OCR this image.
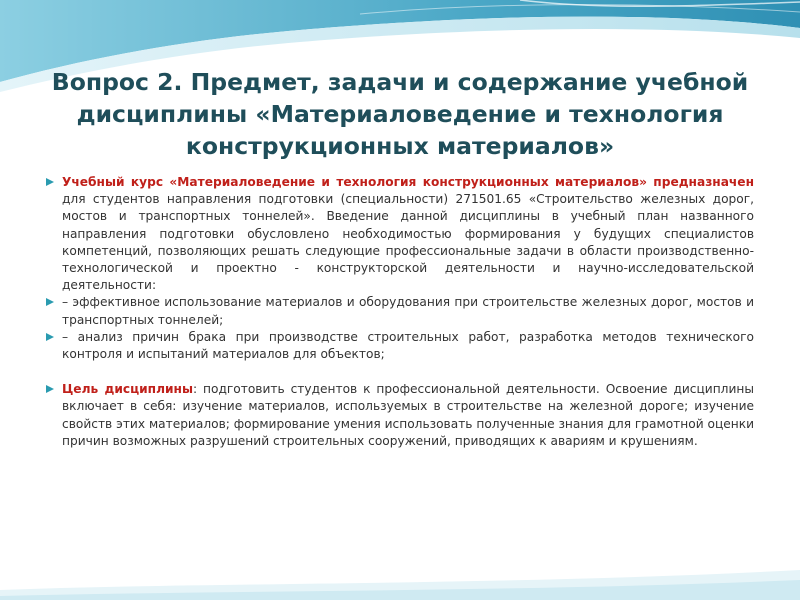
Вопрос 2. Предмет, задачи и содержание учебной дисциплины «Материаловедение и технология конструкционных материалов»
Учебный курс «Материаловедение и технология конструкционных материалов» предназначен для студентов направления подготовки (специальности) 271501.65 «Строительство железных дорог, мостов и транспортных тоннелей». Введение данной дисциплины в учебный план названного направления подготовки обусловлено необходимостью формирования у будущих специалистов компетенций, позволяющих решать следующие профессиональные задачи в области производственно-технологической и проектно - конструкторской деятельности и научно-исследовательской деятельности:
– эффективное использование материалов и оборудования при строительстве железных дорог, мостов и транспортных тоннелей;
– анализ причин брака при производстве строительных работ, разработка методов технического контроля и испытаний материалов для объектов;
Цель дисциплины: подготовить студентов к профессиональной деятельности. Освоение дисциплины включает в себя: изучение материалов, используемых в строительстве на железной дороге; изучение свойств этих материалов; формирование умения использовать полученные знания для грамотной оценки причин возможных разрушений строительных сооружений, приводящих к авариям и крушениям.
